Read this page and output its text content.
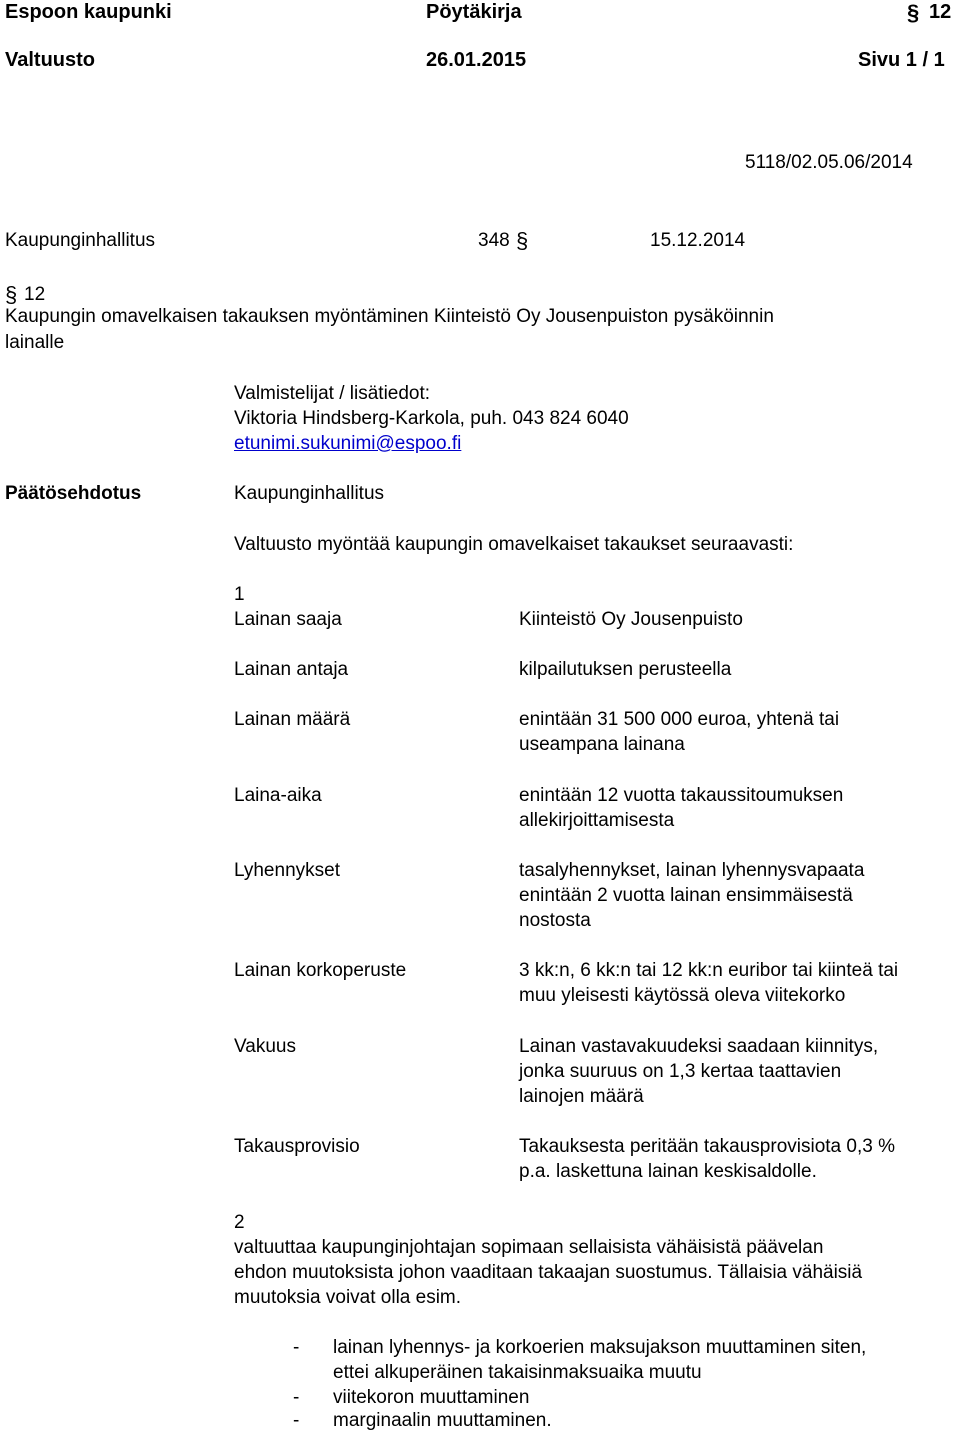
Espoon kaupunki	Pöytäkirja	§ 12
Valtuusto	26.01.2015	Sivu 1 / 1
5118/02.05.06/2014
Kaupunginhallitus	348 §	15.12.2014
§ 12
Kaupungin omavelkaisen takauksen myöntäminen Kiinteistö Oy Jousenpuiston pysäköinnin
lainalle
Valmistelijat / lisätiedot:
Viktoria Hindsberg-Karkola, puh. 043 824 6040
etunimi.sukunimi@espoo.fi
Päätösehdotus	Kaupunginhallitus
Valtuusto myöntää kaupungin omavelkaiset takaukset seuraavasti:
1
Lainan saaja	Kiinteistö Oy Jousenpuisto
Lainan antaja	kilpailutuksen perusteella
Lainan määrä	enintään 31 500 000 euroa, yhtenä tai
useampana lainana
Laina-aika	enintään 12 vuotta takaussitoumuksen
allekirjoittamisesta
Lyhennykset	tasalyhennykset, lainan lyhennysvapaata
enintään 2 vuotta lainan ensimmäisestä
nostosta
Lainan korkoperuste	3 kk:n, 6 kk:n tai 12 kk:n euribor tai kiinteä tai
muu yleisesti käytössä oleva viitekorko
Vakuus	Lainan vastavakuudeksi saadaan kiinnitys,
jonka suuruus on 1,3 kertaa taattavien
lainojen määrä
Takausprovisio	Takauksesta peritään takausprovisiota 0,3 %
p.a. laskettuna lainan keskisaldolle.
2
valtuuttaa kaupunginjohtajan sopimaan sellaisista vähäisistä päävelan
ehdon muutoksista johon vaaditaan takaajan suostumus. Tällaisia vähäisiä
muutoksia voivat olla esim.
- lainan lyhennys- ja korkoerien maksujakson muuttaminen siten,
ettei alkuperäinen takaisinmaksuaika muutu
- viitekoron muuttaminen
- marginaalin muuttaminen.
